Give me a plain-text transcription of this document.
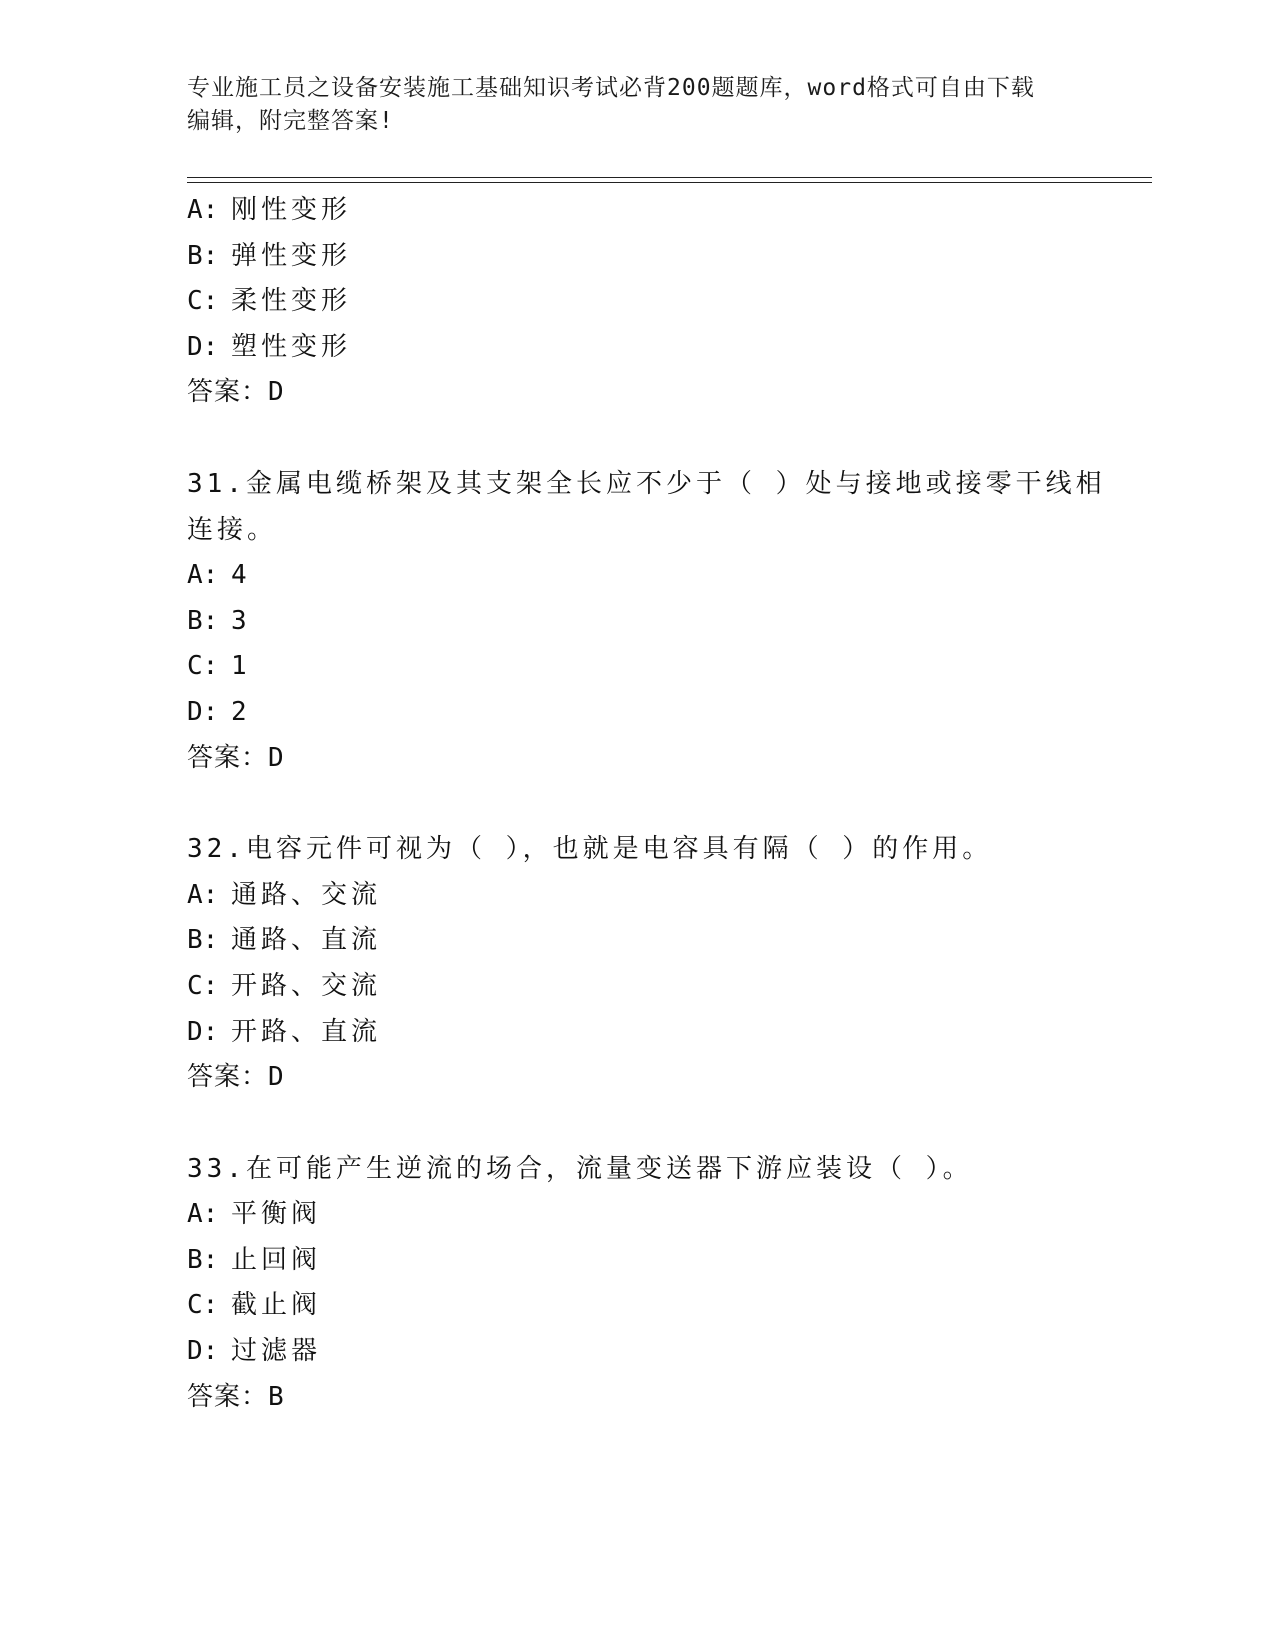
专业施工员之设备安装施工基础知识考试必背200题题库，word格式可自由下载
编辑，附完整答案!
A: 刚性变形
B: 弹性变形
C: 柔性变形
D: 塑性变形
答案：D
31.金属电缆桥架及其支架全长应不少于（ ）处与接地或接零干线相
连接。
A: 4
B: 3
C: 1
D: 2
答案：D
32.电容元件可视为（ ），也就是电容具有隔（ ）的作用。
A: 通路、交流
B: 通路、直流
C: 开路、交流
D: 开路、直流
答案：D
33.在可能产生逆流的场合，流量变送器下游应装设（ ）。
A: 平衡阀
B: 止回阀
C: 截止阀
D: 过滤器
答案：B
